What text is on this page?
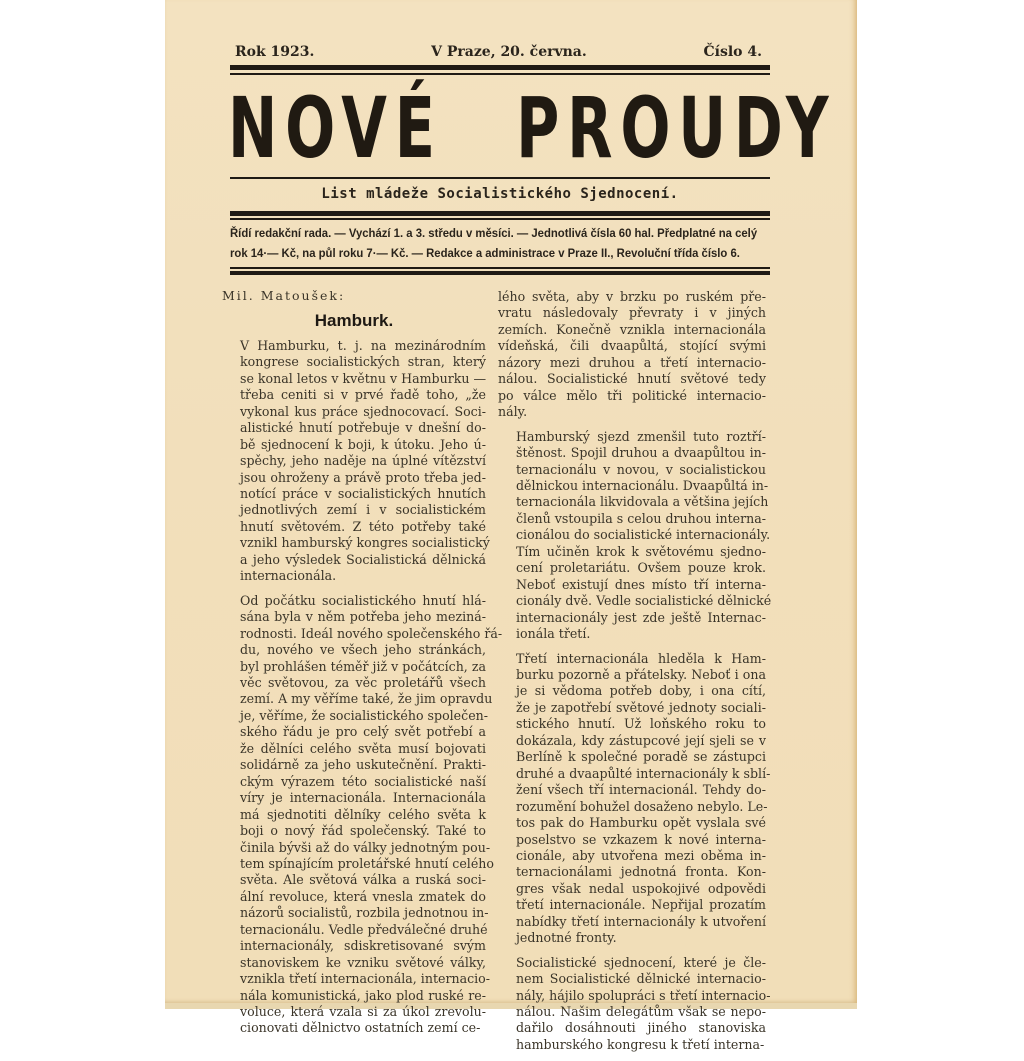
Rok 1923.	V Praze, 20. června.	Číslo 4.
NOVÉ PROUDY
List mládeže Socialistického Sjednocení.
Řídí redakční rada. — Vychází 1. a 3. středu v měsíci. — Jednotlivá čísla 60 hal. Předplatné na celý
rok 14·— Kč, na půl roku 7·— Kč. — Redakce a administrace v Praze II., Revoluční třída číslo 6.
Mil. Matoušek:
Hamburk.

V Hamburku, t. j. na mezinárodním
kongrese socialistických stran, který
se konal letos v květnu v Hamburku —
třeba ceniti si v prvé řadě toho, „že
vykonal kus práce sjednocovací. Soci-
alistické hnutí potřebuje v dnešní do-
bě sjednocení k boji, k útoku. Jeho ú-
spěchy, jeho naděje na úplné vítězství
jsou ohroženy a právě proto třeba jed-
notící práce v socialistických hnutích
jednotlivých zemí i v socialistickém
hnutí světovém. Z této potřeby také
vznikl hamburský kongres socialistický
a jeho výsledek Socialistická dělnická
internacionála.

Od počátku socialistického hnutí hlá-
sána byla v něm potřeba jeho meziná-
rodnosti. Ideál nového společenského řá-
du, nového ve všech jeho stránkách,
byl prohlášen téměř již v počátcích, za
věc světovou, za věc proletářů všech
zemí. A my věříme také, že jim opravdu
je, věříme, že socialistického společen-
ského řádu je pro celý svět potřebí a
že dělníci celého světa musí bojovati
solidárně za jeho uskutečnění. Prakti-
ckým výrazem této socialistické naší
víry je internacionála. Internacionála
má sjednotiti dělníky celého světa k
boji o nový řád společenský. Také to
činila bývši až do války jednotným pou-
tem spínajícím proletářské hnutí celého
světa. Ale světová válka a ruská soci-
ální revoluce, která vnesla zmatek do
názorů socialistů, rozbila jednotnou in-
ternacionálu. Vedle předválečné druhé
internacionály, sdiskretisované svým
stanoviskem ke vzniku světové války,
vznikla třetí internacionála, internacio-
nála komunistická, jako plod ruské re-
voluce, která vzala si za úkol zrevolu-
cionovati dělnictvo ostatních zemí ce-

lého světa, aby v brzku po ruském pře-
vratu následovaly převraty i v jiných
zemích. Konečně vznikla internacionála
vídeňská, čili dvaapůltá, stojící svými
názory mezi druhou a třetí internacio-
nálou. Socialistické hnutí světové tedy
po válce mělo tři politické internacio-
nály.

Hamburský sjezd zmenšil tuto roztří-
štěnost. Spojil druhou a dvaapůltou in-
ternacionálu v novou, v socialistickou
dělnickou internacionálu. Dvaapůltá in-
ternacionála likvidovala a většina jejích
členů vstoupila s celou druhou interna-
cionálou do socialistické internacionály.
Tím učiněn krok k světovému sjedno-
cení proletariátu. Ovšem pouze krok.
Neboť existují dnes místo tří interna-
cionály dvě. Vedle socialistické dělnické
internacionály jest zde ještě Internac-
ionála třetí.

Třetí internacionála hleděla k Ham-
burku pozorně a přátelsky. Neboť i ona
je si vědoma potřeb doby, i ona cítí,
že je zapotřebí světové jednoty sociali-
stického hnutí. Už loňského roku to
dokázala, kdy zástupcové její sjeli se v
Berlíně k společné poradě se zástupci
druhé a dvaapůlté internacionály k sblí-
žení všech tří internacionál. Tehdy do-
rozumění bohužel dosaženo nebylo. Le-
tos pak do Hamburku opět vyslala své
poselstvo se vzkazem k nové interna-
cionále, aby utvořena mezi oběma in-
ternacionálami jednotná fronta. Kon-
gres však nedal uspokojivé odpovědi
třetí internacionále. Nepřijal prozatím
nabídky třetí internacionály k utvoření
jednotné fronty.

Socialistické sjednocení, které je čle-
nem Socialistické dělnické internacio-
nály, hájilo spolupráci s třetí internacio-
nálou. Našim delegátům však se nepo-
dařilo dosáhnouti jiného stanoviska
hamburského kongresu k třetí interna-
